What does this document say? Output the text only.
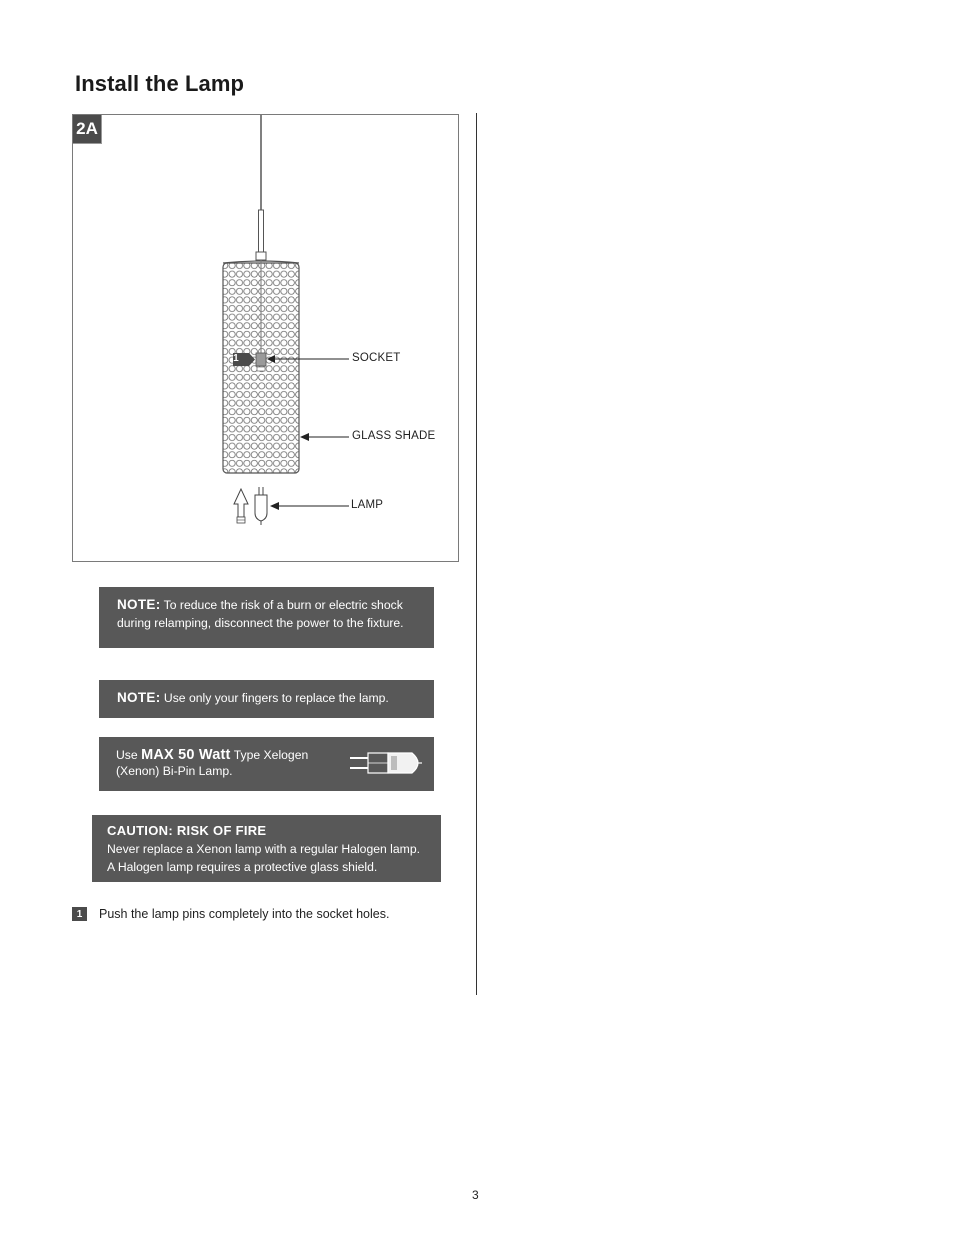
Install the Lamp
2A
1	SOCKET
GLASS SHADE
LAMP
NOTE: To reduce the risk of a burn or electric shock during relamping, disconnect the power to the fixture.
NOTE: Use only your fingers to replace the lamp.
Use MAX 50 Watt Type Xelogen (Xenon) Bi-Pin Lamp.
CAUTION: RISK OF FIRE
Never replace a Xenon lamp with a regular Halogen lamp. A Halogen lamp requires a protective glass shield.
1	Push the lamp pins completely into the socket holes.
3
